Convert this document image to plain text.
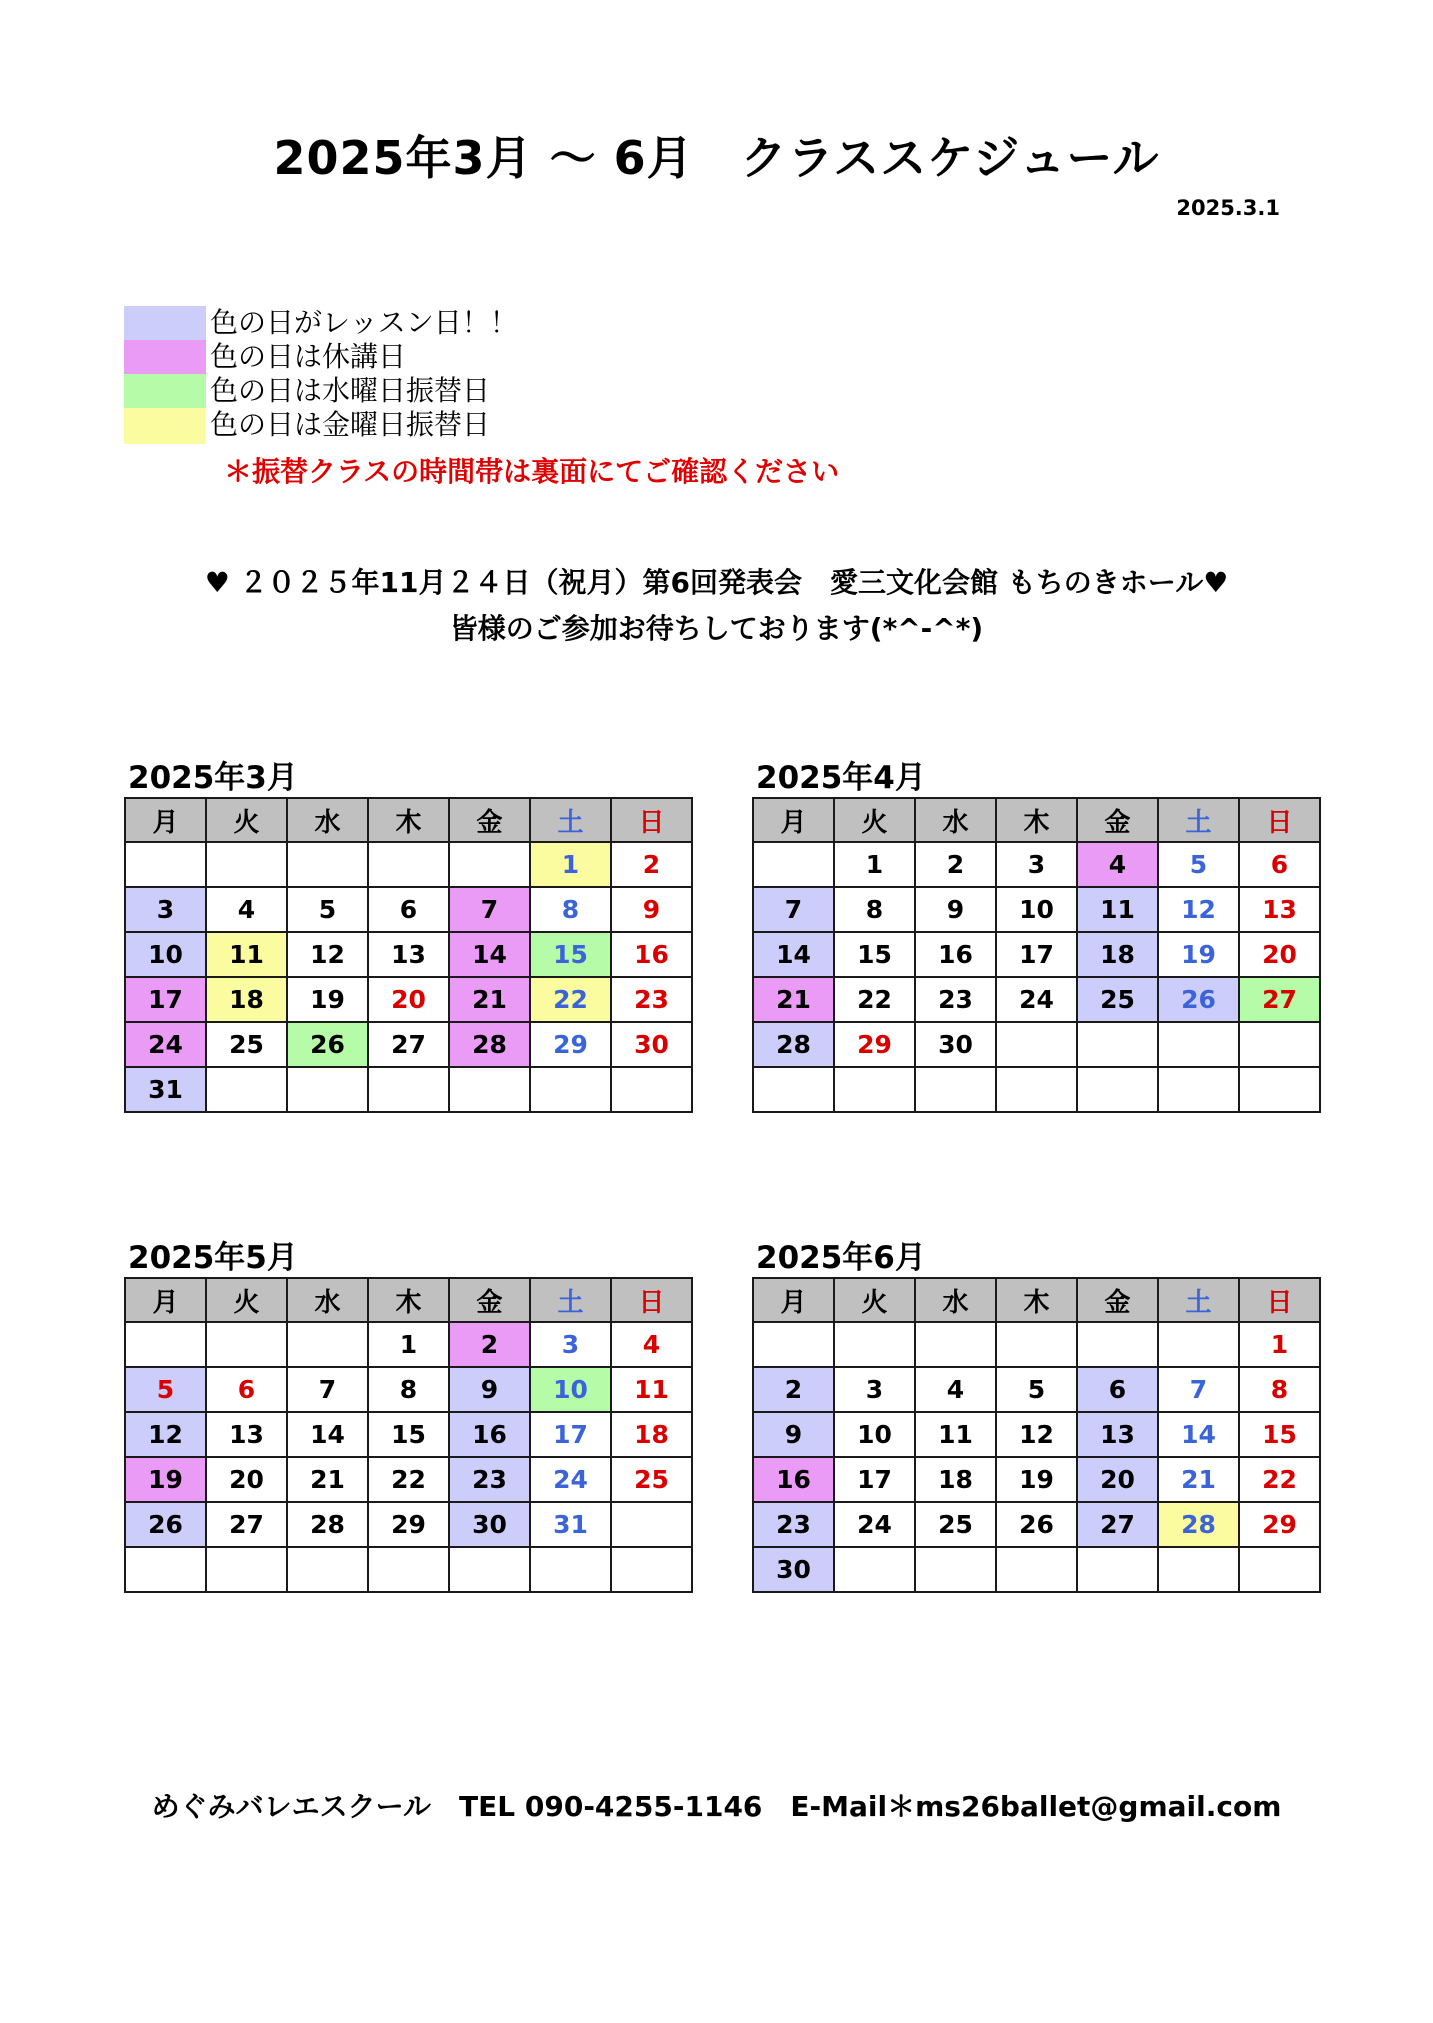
2025年3月 ～ 6月　クラススケジュール
2025.3.1
色の日がレッスン日！！
色の日は休講日
色の日は水曜日振替日
色の日は金曜日振替日
＊振替クラスの時間帯は裏面にてご確認ください
♥ ２０２５年11月２４日（祝月）第6回発表会　愛三文化会館 もちのきホール♥
皆様のご参加お待ちしております(*^-^*)
2025年3月
月	火	水	木	金	土	日
					1	2
3	4	5	6	7	8	9
10	11	12	13	14	15	16
17	18	19	20	21	22	23
24	25	26	27	28	29	30
31						
2025年4月
月	火	水	木	金	土	日
	1	2	3	4	5	6
7	8	9	10	11	12	13
14	15	16	17	18	19	20
21	22	23	24	25	26	27
28	29	30				

2025年5月
月	火	水	木	金	土	日
			1	2	3	4
5	6	7	8	9	10	11
12	13	14	15	16	17	18
19	20	21	22	23	24	25
26	27	28	29	30	31	

2025年6月
月	火	水	木	金	土	日
						1
2	3	4	5	6	7	8
9	10	11	12	13	14	15
16	17	18	19	20	21	22
23	24	25	26	27	28	29
30						
めぐみバレエスクール　TEL 090-4255-1146　E-Mail＊ms26ballet@gmail.com
